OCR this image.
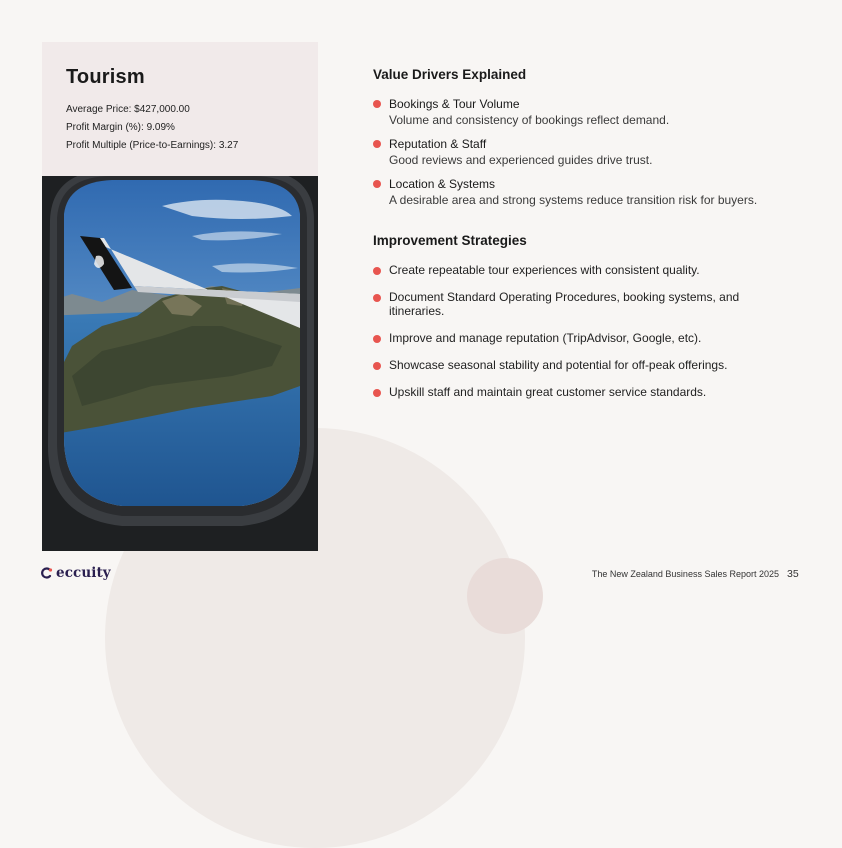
Tourism
Average Price: $427,000.00
Profit Margin (%): 9.09%
Profit Multiple (Price-to-Earnings): 3.27
Value Drivers Explained
Bookings & Tour Volume
Volume and consistency of bookings reflect demand.
Reputation & Staff
Good reviews and experienced guides drive trust.
Location & Systems
A desirable area and strong systems reduce transition risk for buyers.
Improvement Strategies
Create repeatable tour experiences with consistent quality.
Document Standard Operating Procedures, booking systems, and itineraries.
Improve and manage reputation (TripAdvisor, Google, etc).
Showcase seasonal stability and potential for off-peak offerings.
Upskill staff and maintain great customer service standards.
eccuity	The New Zealand Business Sales Report 2025 35
